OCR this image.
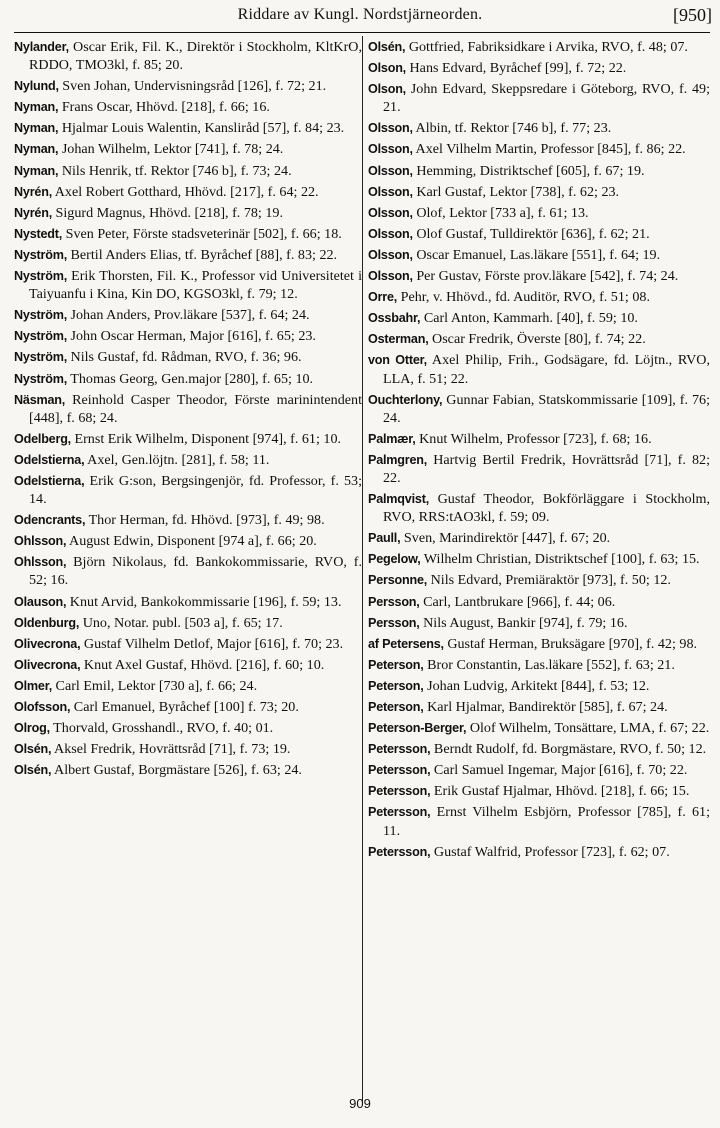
Riddare av Kungl. Nordstjärneorden.	[950]

Nylander, Oscar Erik, Fil. K., Direktör i Stockholm, KltKrO, RDDO, TMO3kl, f. 85; 20.

Nylund, Sven Johan, Undervisningsråd [126], f. 72; 21.

Nyman, Frans Oscar, Hhövd. [218], f. 66; 16.

Nyman, Hjalmar Louis Walentin, Kansliråd [57], f. 84; 23.

Nyman, Johan Wilhelm, Lektor [741], f. 78; 24.

Nyman, Nils Henrik, tf. Rektor [746 b], f. 73; 24.

Nyrén, Axel Robert Gotthard, Hhövd. [217], f. 64; 22.

Nyrén, Sigurd Magnus, Hhövd. [218], f. 78; 19.

Nystedt, Sven Peter, Förste stadsveterinär [502], f. 66; 18.

Nyström, Bertil Anders Elias, tf. Byråchef [88], f. 83; 22.

Nyström, Erik Thorsten, Fil. K., Professor vid Universitetet i Taiyuanfu i Kina, Kin DO, KGSO3kl, f. 79; 12.

Nyström, Johan Anders, Prov.läkare [537], f. 64; 24.

Nyström, John Oscar Herman, Major [616], f. 65; 23.

Nyström, Nils Gustaf, fd. Rådman, RVO, f. 36; 96.

Nyström, Thomas Georg, Gen.major [280], f. 65; 10.

Näsman, Reinhold Casper Theodor, Förste marinintendent [448], f. 68; 24.

Odelberg, Ernst Erik Wilhelm, Disponent [974], f. 61; 10.

Odelstierna, Axel, Gen.löjtn. [281], f. 58; 11.

Odelstierna, Erik G:son, Bergsingenjör, fd. Professor, f. 53; 14.

Odencrants, Thor Herman, fd. Hhövd. [973], f. 49; 98.

Ohlsson, August Edwin, Disponent [974 a], f. 66; 20.

Ohlsson, Björn Nikolaus, fd. Bankokommissarie, RVO, f. 52; 16.

Olauson, Knut Arvid, Bankokommissarie [196], f. 59; 13.

Oldenburg, Uno, Notar. publ. [503 a], f. 65; 17.

Olivecrona, Gustaf Vilhelm Detlof, Major [616], f. 70; 23.

Olivecrona, Knut Axel Gustaf, Hhövd. [216], f. 60; 10.

Olmer, Carl Emil, Lektor [730 a], f. 66; 24.

Olofsson, Carl Emanuel, Byråchef [100] f. 73; 20.

Olrog, Thorvald, Grosshandl., RVO, f. 40; 01.

Olsén, Aksel Fredrik, Hovrättsråd [71], f. 73; 19.

Olsén, Albert Gustaf, Borgmästare [526], f. 63; 24.

Olsén, Gottfried, Fabriksidkare i Arvika, RVO, f. 48; 07.

Olson, Hans Edvard, Byråchef [99], f. 72; 22.

Olson, John Edvard, Skeppsredare i Göteborg, RVO, f. 49; 21.

Olsson, Albin, tf. Rektor [746 b], f. 77; 23.

Olsson, Axel Vilhelm Martin, Professor [845], f. 86; 22.

Olsson, Hemming, Distriktschef [605], f. 67; 19.

Olsson, Karl Gustaf, Lektor [738], f. 62; 23.

Olsson, Olof, Lektor [733 a], f. 61; 13.

Olsson, Olof Gustaf, Tulldirektör [636], f. 62; 21.

Olsson, Oscar Emanuel, Las.läkare [551], f. 64; 19.

Olsson, Per Gustav, Förste prov.läkare [542], f. 74; 24.

Orre, Pehr, v. Hhövd., fd. Auditör, RVO, f. 51; 08.

Ossbahr, Carl Anton, Kammarh. [40], f. 59; 10.

Osterman, Oscar Fredrik, Överste [80], f. 74; 22.

von Otter, Axel Philip, Frih., Godsägare, fd. Löjtn., RVO, LLA, f. 51; 22.

Ouchterlony, Gunnar Fabian, Statskommissarie [109], f. 76; 24.

Palmær, Knut Wilhelm, Professor [723], f. 68; 16.

Palmgren, Hartvig Bertil Fredrik, Hovrättsråd [71], f. 82; 22.

Palmqvist, Gustaf Theodor, Bokförläggare i Stockholm, RVO, RRS:tAO3kl, f. 59; 09.

Paull, Sven, Marindirektör [447], f. 67; 20.

Pegelow, Wilhelm Christian, Distriktschef [100], f. 63; 15.

Personne, Nils Edvard, Premiäraktör [973], f. 50; 12.

Persson, Carl, Lantbrukare [966], f. 44; 06.

Persson, Nils August, Bankir [974], f. 79; 16.

af Petersens, Gustaf Herman, Bruksägare [970], f. 42; 98.

Peterson, Bror Constantin, Las.läkare [552], f. 63; 21.

Peterson, Johan Ludvig, Arkitekt [844], f. 53; 12.

Peterson, Karl Hjalmar, Bandirektör [585], f. 67; 24.

Peterson-Berger, Olof Wilhelm, Tonsättare, LMA, f. 67; 22.

Petersson, Berndt Rudolf, fd. Borgmästare, RVO, f. 50; 12.

Petersson, Carl Samuel Ingemar, Major [616], f. 70; 22.

Petersson, Erik Gustaf Hjalmar, Hhövd. [218], f. 66; 15.

Petersson, Ernst Vilhelm Esbjörn, Professor [785], f. 61; 11.

Petersson, Gustaf Walfrid, Professor [723], f. 62; 07.

909
